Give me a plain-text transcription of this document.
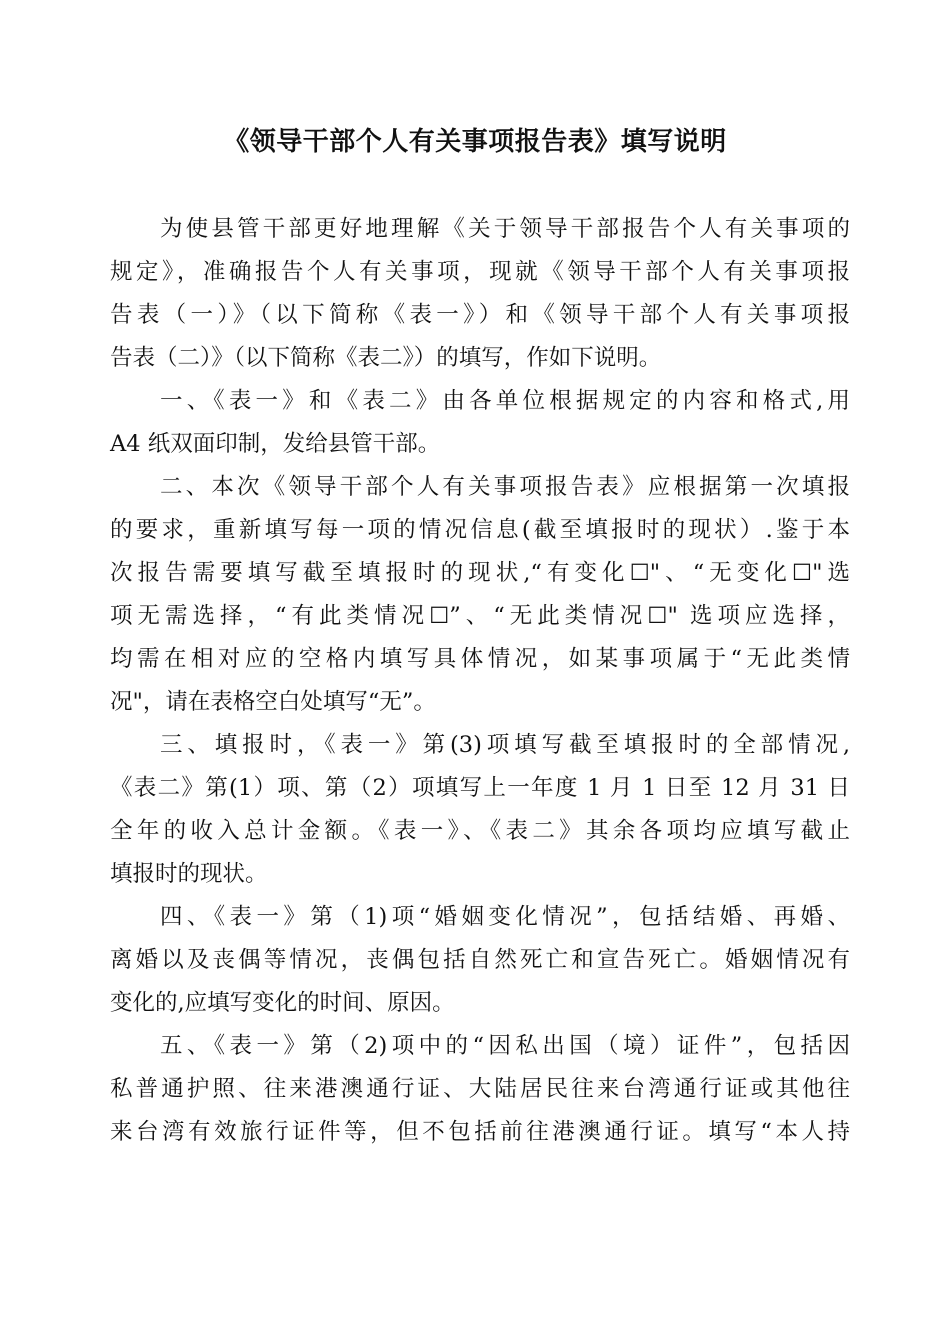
《领导干部个人有关事项报告表》填写说明
为使县管干部更好地理解《关于领导干部报告个人有关事项的
规定》，准确报告个人有关事项，现就《领导干部个人有关事项报
告表（一）》（以下简称《表一》）和《领导干部个人有关事项报
告表（二）》（以下简称《表二》）的填写，作如下说明。
一、《表一》和《表二》由各单位根据规定的内容和格式,用
A4 纸双面印制，发给县管干部。
二、本次《领导干部个人有关事项报告表》应根据第一次填报
的要求，重新填写每一项的情况信息(截至填报时的现状）.鉴于本
次报告需要填写截至填报时的现状,“有变化☐"、“无变化☐"选
项无需选择，“有此类情况☐”、“无此类情况☐" 选项应选择，
均需在相对应的空格内填写具体情况，如某事项属于“无此类情
况"，请在表格空白处填写“无”。
三、填报时，《表一》第(3)项填写截至填报时的全部情况,
《表二》第(1）项、第（2）项填写上一年度 1 月 1 日至 12 月 31 日
全年的收入总计金额。《表一》、《表二》其余各项均应填写截止
填报时的现状。
四、《表一》第（1)项“婚姻变化情况”，包括结婚、再婚、
离婚以及丧偶等情况，丧偶包括自然死亡和宣告死亡。婚姻情况有
变化的,应填写变化的时间、原因。
五、《表一》第（2)项中的“因私出国（境）证件”，包括因
私普通护照、往来港澳通行证、大陆居民往来台湾通行证或其他往
来台湾有效旅行证件等，但不包括前往港澳通行证。填写“本人持
